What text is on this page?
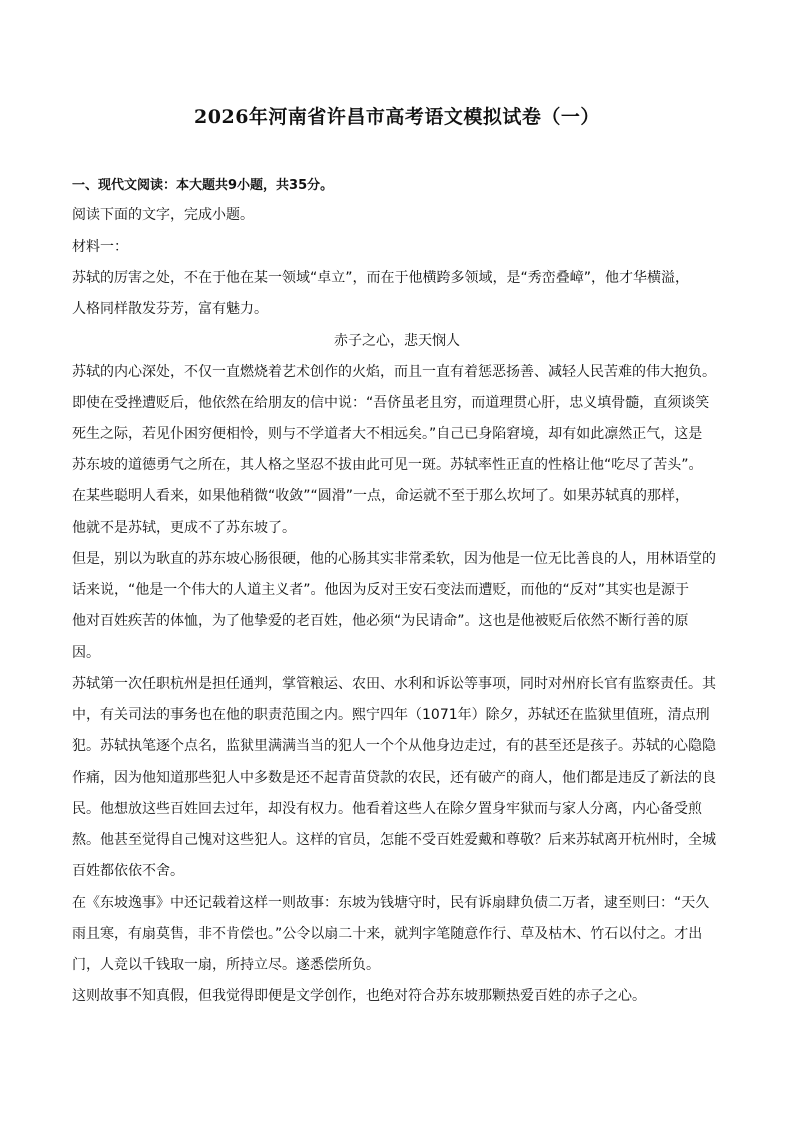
2026年河南省许昌市高考语文模拟试卷（一）
一、现代文阅读：本大题共9小题，共35分。
阅读下面的文字，完成小题。
材料一：
苏轼的厉害之处，不在于他在某一领域“卓立”，而在于他横跨多领域，是“秀峦叠嶂”，他才华横溢，
人格同样散发芬芳，富有魅力。
赤子之心，悲天悯人
苏轼的内心深处，不仅一直燃烧着艺术创作的火焰，而且一直有着惩恶扬善、减轻人民苦难的伟大抱负。
即使在受挫遭贬后，他依然在给朋友的信中说：“吾侪虽老且穷，而道理贯心肝，忠义填骨髓，直须谈笑
死生之际，若见仆困穷便相怜，则与不学道者大不相远矣。”自己已身陷窘境，却有如此凛然正气，这是
苏东坡的道德勇气之所在，其人格之坚忍不拔由此可见一斑。苏轼率性正直的性格让他“吃尽了苦头”。
在某些聪明人看来，如果他稍微“收敛”“圆滑”一点，命运就不至于那么坎坷了。如果苏轼真的那样，
他就不是苏轼，更成不了苏东坡了。
但是，别以为耿直的苏东坡心肠很硬，他的心肠其实非常柔软，因为他是一位无比善良的人，用林语堂的
话来说，“他是一个伟大的人道主义者”。他因为反对王安石变法而遭贬，而他的“反对”其实也是源于
他对百姓疾苦的体恤，为了他挚爱的老百姓，他必须“为民请命”。这也是他被贬后依然不断行善的原
因。
苏轼第一次任职杭州是担任通判，掌管粮运、农田、水利和诉讼等事项，同时对州府长官有监察责任。其
中，有关司法的事务也在他的职责范围之内。熙宁四年（1071年）除夕，苏轼还在监狱里值班，清点刑
犯。苏轼执笔逐个点名，监狱里满满当当的犯人一个个从他身边走过，有的甚至还是孩子。苏轼的心隐隐
作痛，因为他知道那些犯人中多数是还不起青苗贷款的农民，还有破产的商人，他们都是违反了新法的良
民。他想放这些百姓回去过年，却没有权力。他看着这些人在除夕置身牢狱而与家人分离，内心备受煎
熬。他甚至觉得自己愧对这些犯人。这样的官员，怎能不受百姓爱戴和尊敬？后来苏轼离开杭州时，全城
百姓都依依不舍。
在《东坡逸事》中还记载着这样一则故事：东坡为钱塘守时，民有诉扇肆负债二万者，逮至则曰：“天久
雨且寒，有扇莫售，非不肯偿也。”公令以扇二十来，就判字笔随意作行、草及枯木、竹石以付之。才出
门，人竞以千钱取一扇，所持立尽。遂悉偿所负。
这则故事不知真假，但我觉得即便是文学创作，也绝对符合苏东坡那颗热爱百姓的赤子之心。
